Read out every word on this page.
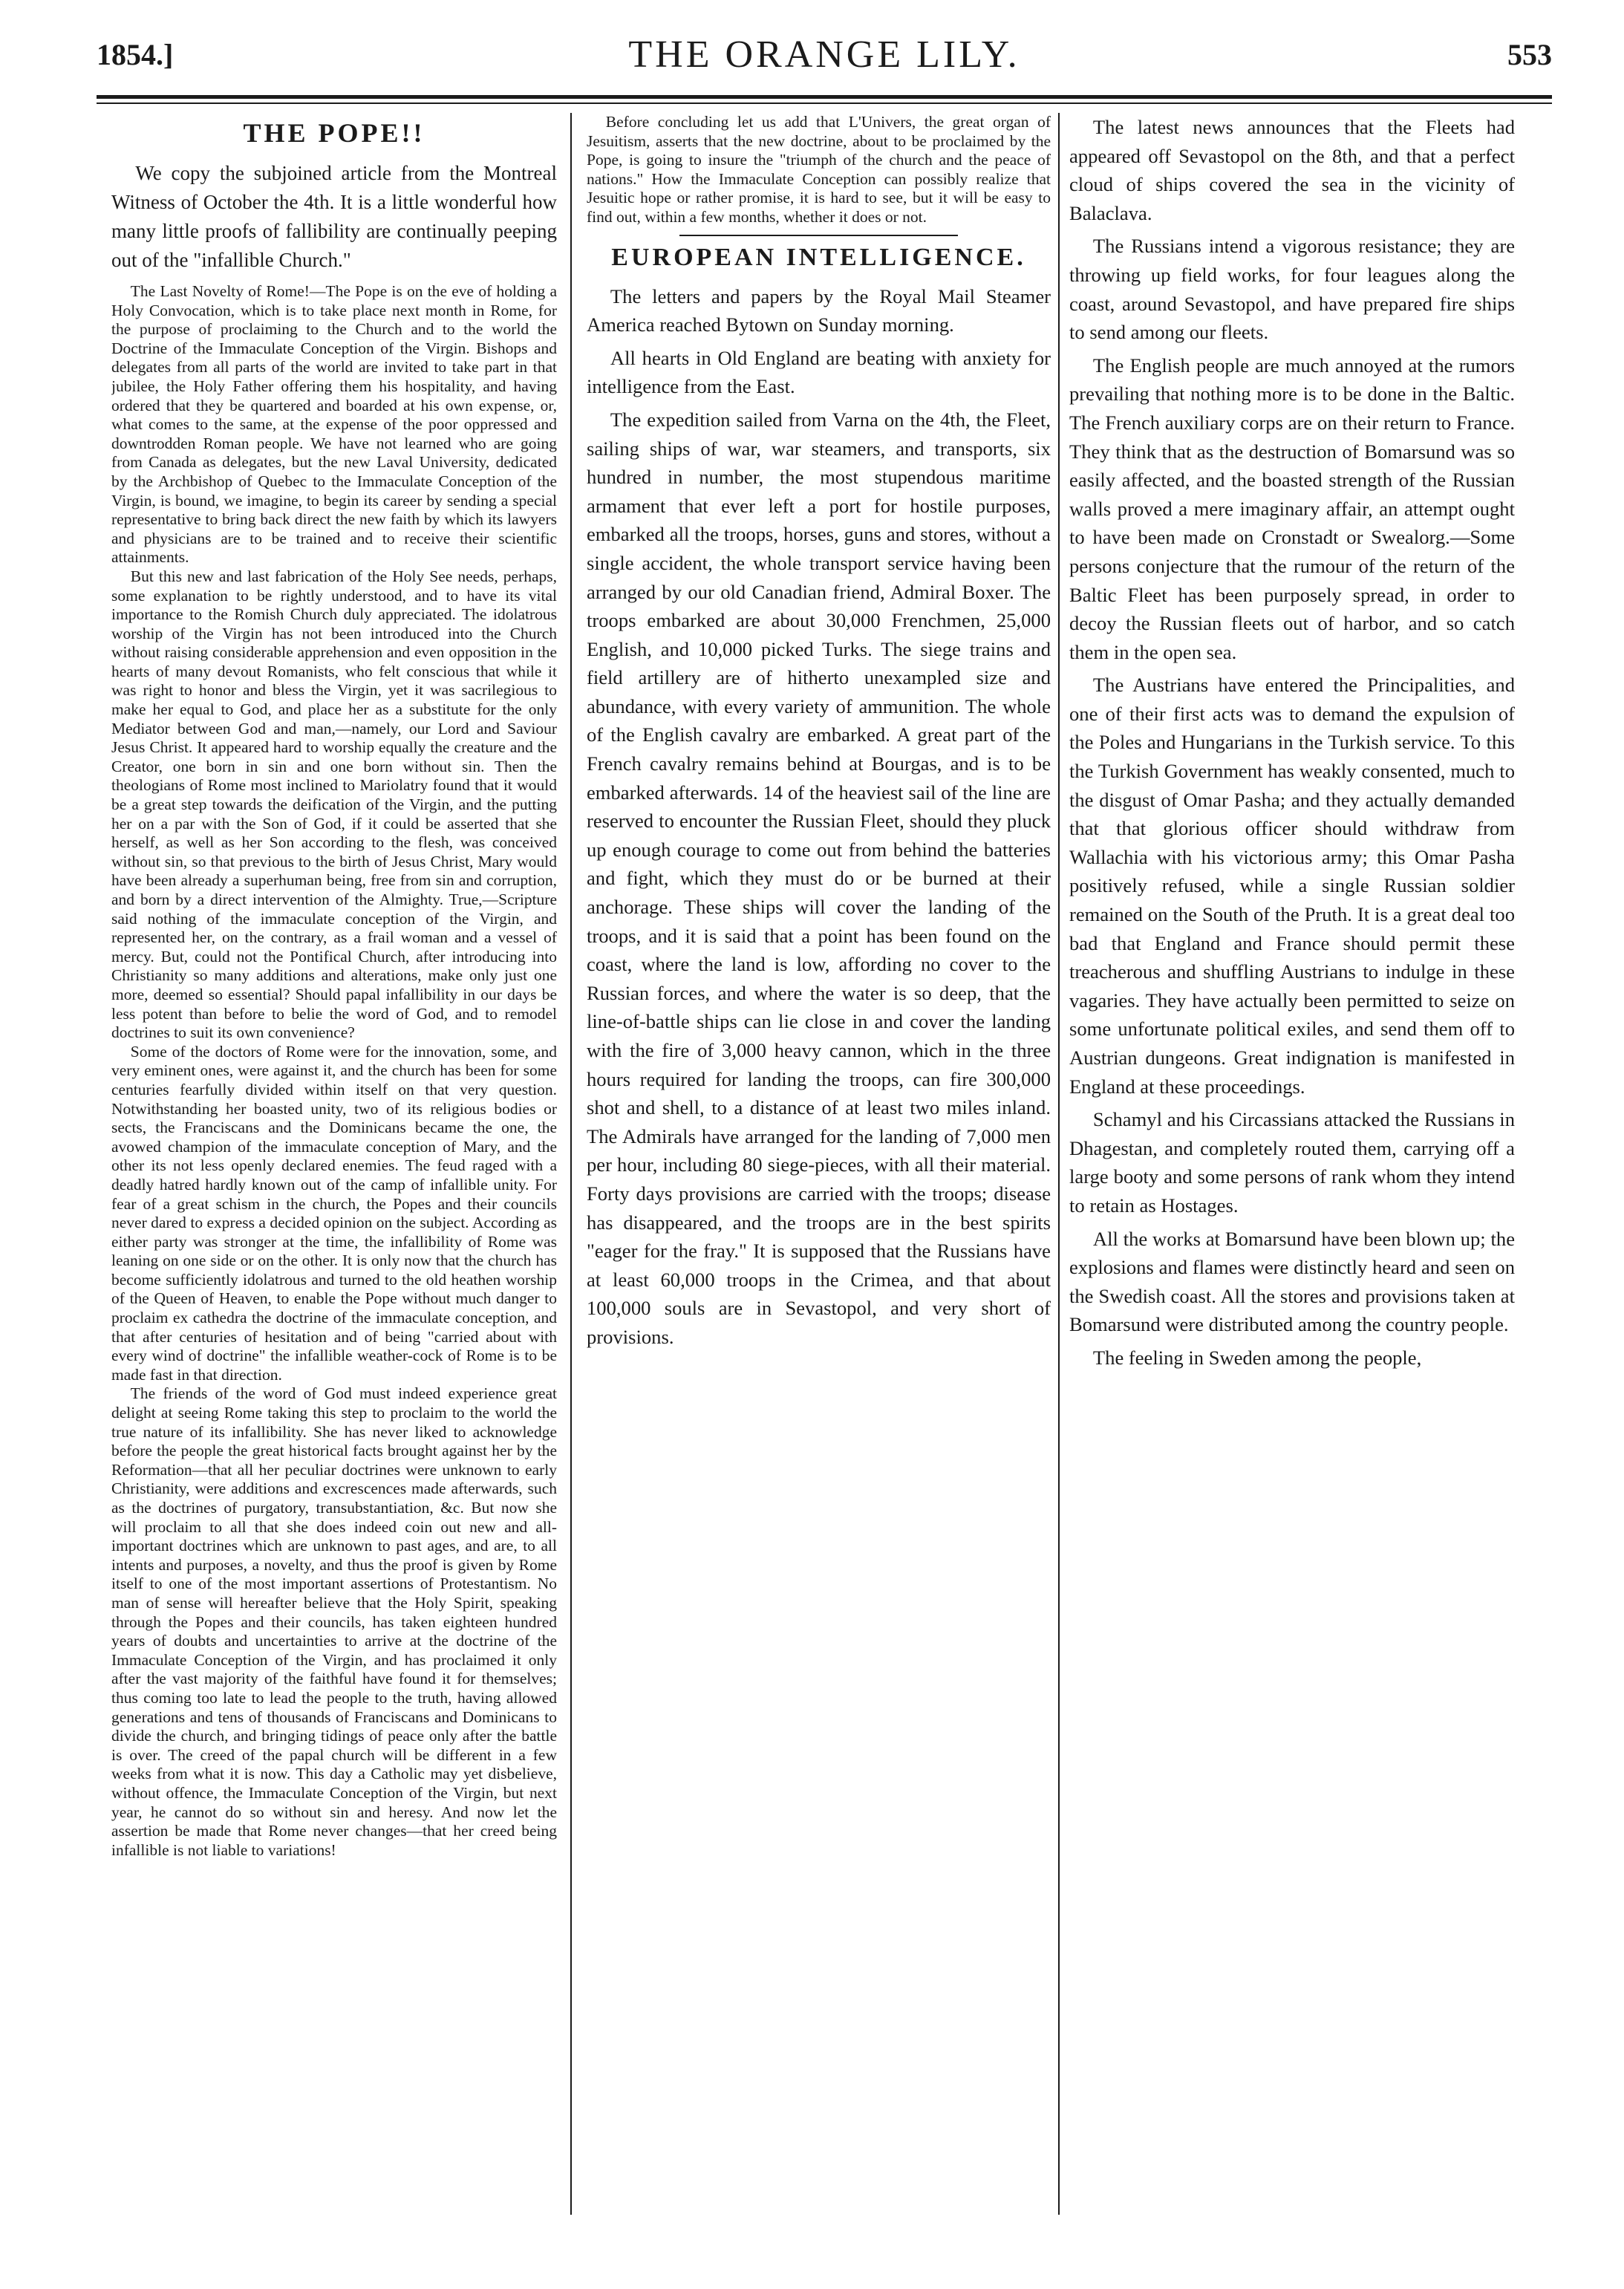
1854.]	THE ORANGE LILY.	553
THE POPE!!

We copy the subjoined article from the Montreal Witness of October the 4th. It is a little wonderful how many little proofs of fallibility are continually peeping out of the "infallible Church."

The Last Novelty of Rome!—The Pope is on the eve of holding a Holy Convocation, which is to take place next month in Rome, for the purpose of proclaiming to the Church and to the world the Doctrine of the Immaculate Conception of the Virgin. Bishops and delegates from all parts of the world are invited to take part in that jubilee, the Holy Father offering them his hospitality, and having ordered that they be quartered and boarded at his own expense, or, what comes to the same, at the expense of the poor oppressed and downtrodden Roman people. We have not learned who are going from Canada as delegates, but the new Laval University, dedicated by the Archbishop of Quebec to the Immaculate Conception of the Virgin, is bound, we imagine, to begin its career by sending a special representative to bring back direct the new faith by which its lawyers and physicians are to be trained and to receive their scientific attainments.

But this new and last fabrication of the Holy See needs, perhaps, some explanation to be rightly understood, and to have its vital importance to the Romish Church duly appreciated. The idolatrous worship of the Virgin has not been introduced into the Church without raising considerable apprehension and even opposition in the hearts of many devout Romanists, who felt conscious that while it was right to honor and bless the Virgin, yet it was sacrilegious to make her equal to God, and place her as a substitute for the only Mediator between God and man,—namely, our Lord and Saviour Jesus Christ. It appeared hard to worship equally the creature and the Creator, one born in sin and one born without sin. Then the theologians of Rome most inclined to Mariolatry found that it would be a great step towards the deification of the Virgin, and the putting her on a par with the Son of God, if it could be asserted that she herself, as well as her Son according to the flesh, was conceived without sin, so that previous to the birth of Jesus Christ, Mary would have been already a superhuman being, free from sin and corruption, and born by a direct intervention of the Almighty. True,—Scripture said nothing of the immaculate conception of the Virgin, and represented her, on the contrary, as a frail woman and a vessel of mercy. But, could not the Pontifical Church, after introducing into Christianity so many additions and alterations, make only just one more, deemed so essential? Should papal infallibility in our days be less potent than before to belie the word of God, and to remodel doctrines to suit its own convenience?

Some of the doctors of Rome were for the innovation, some, and very eminent ones, were against it, and the church has been for some centuries fearfully divided within itself on that very question. Notwithstanding her boasted unity, two of its religious bodies or sects, the Franciscans and the Dominicans became the one, the avowed champion of the immaculate conception of Mary, and the other its not less openly declared enemies. The feud raged with a deadly hatred hardly known out of the camp of infallible unity. For fear of a great schism in the church, the Popes and their councils never dared to express a decided opinion on the subject. According as either party was stronger at the time, the infallibility of Rome was leaning on one side or on the other. It is only now that the church has become sufficiently idolatrous and turned to the old heathen worship of the Queen of Heaven, to enable the Pope without much danger to proclaim ex cathedra the doctrine of the immaculate conception, and that after centuries of hesitation and of being "carried about with every wind of doctrine" the infallible weather-cock of Rome is to be made fast in that direction.

The friends of the word of God must indeed experience great delight at seeing Rome taking this step to proclaim to the world the true nature of its infallibility. She has never liked to acknowledge before the people the great historical facts brought against her by the Reformation—that all her peculiar doctrines were unknown to early Christianity, were additions and excrescences made afterwards, such as the doctrines of purgatory, transubstantiation, &c. But now she will proclaim to all that she does indeed coin out new and all-important doctrines which are unknown to past ages, and are, to all intents and purposes, a novelty, and thus the proof is given by Rome itself to one of the most important assertions of Protestantism. No man of sense will hereafter believe that the Holy Spirit, speaking through the Popes and their councils, has taken eighteen hundred years of doubts and uncertainties to arrive at the doctrine of the Immaculate Conception of the Virgin, and has proclaimed it only after the vast majority of the faithful have found it for themselves; thus coming too late to lead the people to the truth, having allowed generations and tens of thousands of Franciscans and Dominicans to divide the church, and bringing tidings of peace only after the battle is over. The creed of the papal church will be different in a few weeks from what it is now. This day a Catholic may yet disbelieve, without offence, the Immaculate Conception of the Virgin, but next year, he cannot do so without sin and heresy. And now let the assertion be made that Rome never changes—that her creed being infallible is not liable to variations!

Before concluding let us add that L'Univers, the great organ of Jesuitism, asserts that the new doctrine, about to be proclaimed by the Pope, is going to insure the "triumph of the church and the peace of nations." How the Immaculate Conception can possibly realize that Jesuitic hope or rather promise, it is hard to see, but it will be easy to find out, within a few months, whether it does or not.

EUROPEAN INTELLIGENCE.

The letters and papers by the Royal Mail Steamer America reached Bytown on Sunday morning.

All hearts in Old England are beating with anxiety for intelligence from the East.

The expedition sailed from Varna on the 4th, the Fleet, sailing ships of war, war steamers, and transports, six hundred in number, the most stupendous maritime armament that ever left a port for hostile purposes, embarked all the troops, horses, guns and stores, without a single accident, the whole transport service having been arranged by our old Canadian friend, Admiral Boxer. The troops embarked are about 30,000 Frenchmen, 25,000 English, and 10,000 picked Turks. The siege trains and field artillery are of hitherto unexampled size and abundance, with every variety of ammunition. The whole of the English cavalry are embarked. A great part of the French cavalry remains behind at Bourgas, and is to be embarked afterwards. 14 of the heaviest sail of the line are reserved to encounter the Russian Fleet, should they pluck up enough courage to come out from behind the batteries and fight, which they must do or be burned at their anchorage. These ships will cover the landing of the troops, and it is said that a point has been found on the coast, where the land is low, affording no cover to the Russian forces, and where the water is so deep, that the line-of-battle ships can lie close in and cover the landing with the fire of 3,000 heavy cannon, which in the three hours required for landing the troops, can fire 300,000 shot and shell, to a distance of at least two miles inland. The Admirals have arranged for the landing of 7,000 men per hour, including 80 siege-pieces, with all their material. Forty days provisions are carried with the troops; disease has disappeared, and the troops are in the best spirits "eager for the fray." It is supposed that the Russians have at least 60,000 troops in the Crimea, and that about 100,000 souls are in Sevastopol, and very short of provisions.

The latest news announces that the Fleets had appeared off Sevastopol on the 8th, and that a perfect cloud of ships covered the sea in the vicinity of Balaclava.

The Russians intend a vigorous resistance; they are throwing up field works, for four leagues along the coast, around Sevastopol, and have prepared fire ships to send among our fleets.

The English people are much annoyed at the rumors prevailing that nothing more is to be done in the Baltic. The French auxiliary corps are on their return to France. They think that as the destruction of Bomarsund was so easily affected, and the boasted strength of the Russian walls proved a mere imaginary affair, an attempt ought to have been made on Cronstadt or Swealorg.—Some persons conjecture that the rumour of the return of the Baltic Fleet has been purposely spread, in order to decoy the Russian fleets out of harbor, and so catch them in the open sea.

The Austrians have entered the Principalities, and one of their first acts was to demand the expulsion of the Poles and Hungarians in the Turkish service. To this the Turkish Government has weakly consented, much to the disgust of Omar Pasha; and they actually demanded that that glorious officer should withdraw from Wallachia with his victorious army; this Omar Pasha positively refused, while a single Russian soldier remained on the South of the Pruth. It is a great deal too bad that England and France should permit these treacherous and shuffling Austrians to indulge in these vagaries. They have actually been permitted to seize on some unfortunate political exiles, and send them off to Austrian dungeons. Great indignation is manifested in England at these proceedings.

Schamyl and his Circassians attacked the Russians in Dhagestan, and completely routed them, carrying off a large booty and some persons of rank whom they intend to retain as Hostages.

All the works at Bomarsund have been blown up; the explosions and flames were distinctly heard and seen on the Swedish coast. All the stores and provisions taken at Bomarsund were distributed among the country people.

The feeling in Sweden among the people,
